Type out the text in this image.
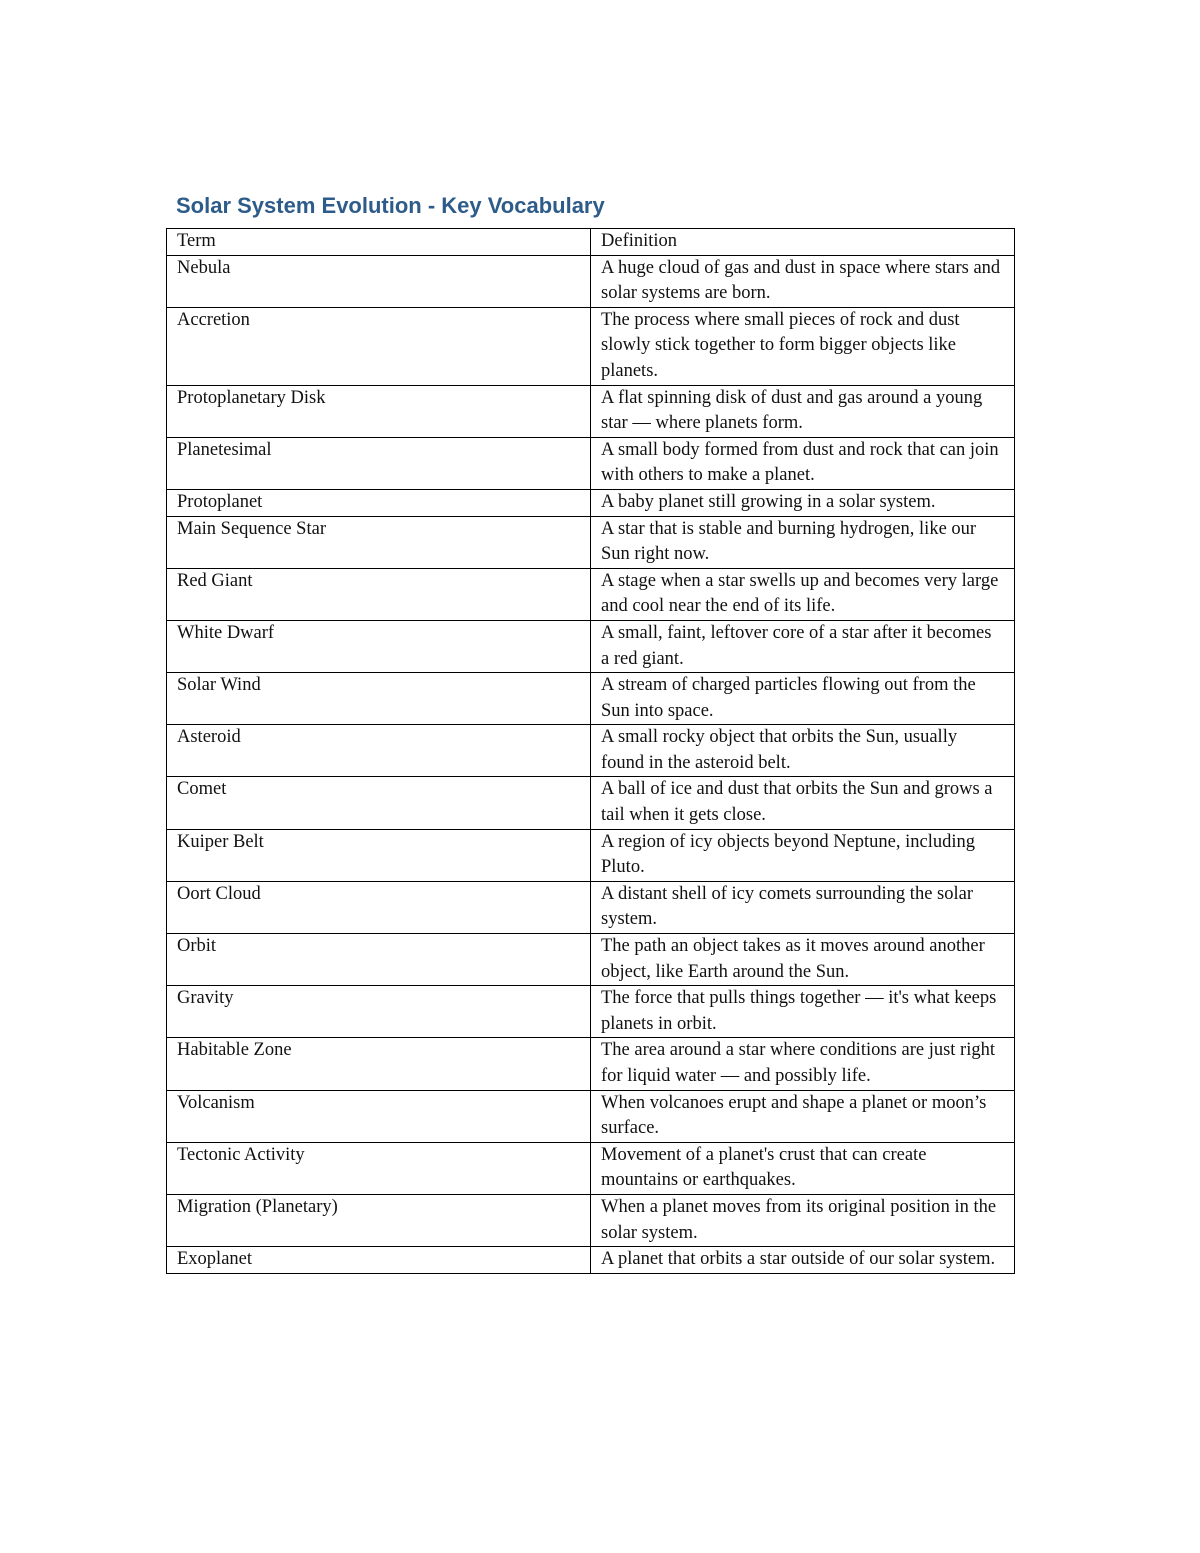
Solar System Evolution - Key Vocabulary
Term	Definition
Nebula	A huge cloud of gas and dust in space where stars and solar systems are born.
Accretion	The process where small pieces of rock and dust slowly stick together to form bigger objects like planets.
Protoplanetary Disk	A flat spinning disk of dust and gas around a young star — where planets form.
Planetesimal	A small body formed from dust and rock that can join with others to make a planet.
Protoplanet	A baby planet still growing in a solar system.
Main Sequence Star	A star that is stable and burning hydrogen, like our Sun right now.
Red Giant	A stage when a star swells up and becomes very large and cool near the end of its life.
White Dwarf	A small, faint, leftover core of a star after it becomes a red giant.
Solar Wind	A stream of charged particles flowing out from the Sun into space.
Asteroid	A small rocky object that orbits the Sun, usually found in the asteroid belt.
Comet	A ball of ice and dust that orbits the Sun and grows a tail when it gets close.
Kuiper Belt	A region of icy objects beyond Neptune, including Pluto.
Oort Cloud	A distant shell of icy comets surrounding the solar system.
Orbit	The path an object takes as it moves around another object, like Earth around the Sun.
Gravity	The force that pulls things together — it's what keeps planets in orbit.
Habitable Zone	The area around a star where conditions are just right for liquid water — and possibly life.
Volcanism	When volcanoes erupt and shape a planet or moon’s surface.
Tectonic Activity	Movement of a planet's crust that can create mountains or earthquakes.
Migration (Planetary)	When a planet moves from its original position in the solar system.
Exoplanet	A planet that orbits a star outside of our solar system.
